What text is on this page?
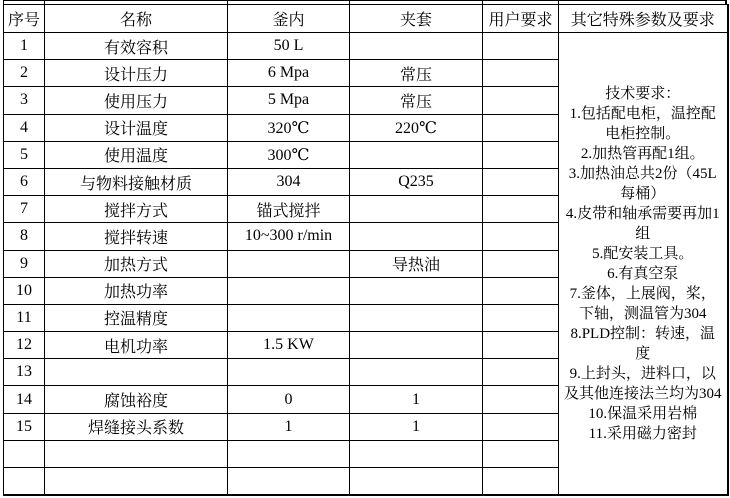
序号	名称	釜内	夹套	用户要求	其它特殊参数及要求
1	有效容积	50 L			
技术要求：
1.包括配电柜，温控配电柜控制。
2.加热管再配1组。
3.加热油总共2份（45L每桶）
4.皮带和轴承需要再加1组
5.配安装工具。
6.有真空泵
7.釜体，上展阀，桨，下轴，测温管为304
8.PLD控制：转速，温度
9.上封头，进料口，以及其他连接法兰均为304
10.保温采用岩棉
11.采用磁力密封

2	设计压力	6 Mpa	常压		
3	使用压力	5 Mpa	常压		
4	设计温度	320℃	220℃		
5	使用温度	300℃			
6	与物料接触材质	304	Q235		
7	搅拌方式	锚式搅拌			
8	搅拌转速	10~300 r/min			
9	加热方式		导热油		
10	加热功率				
11	控温精度				
12	电机功率	1.5 KW			
13					
14	腐蚀裕度	0	1		
15	焊缝接头系数	1	1		
